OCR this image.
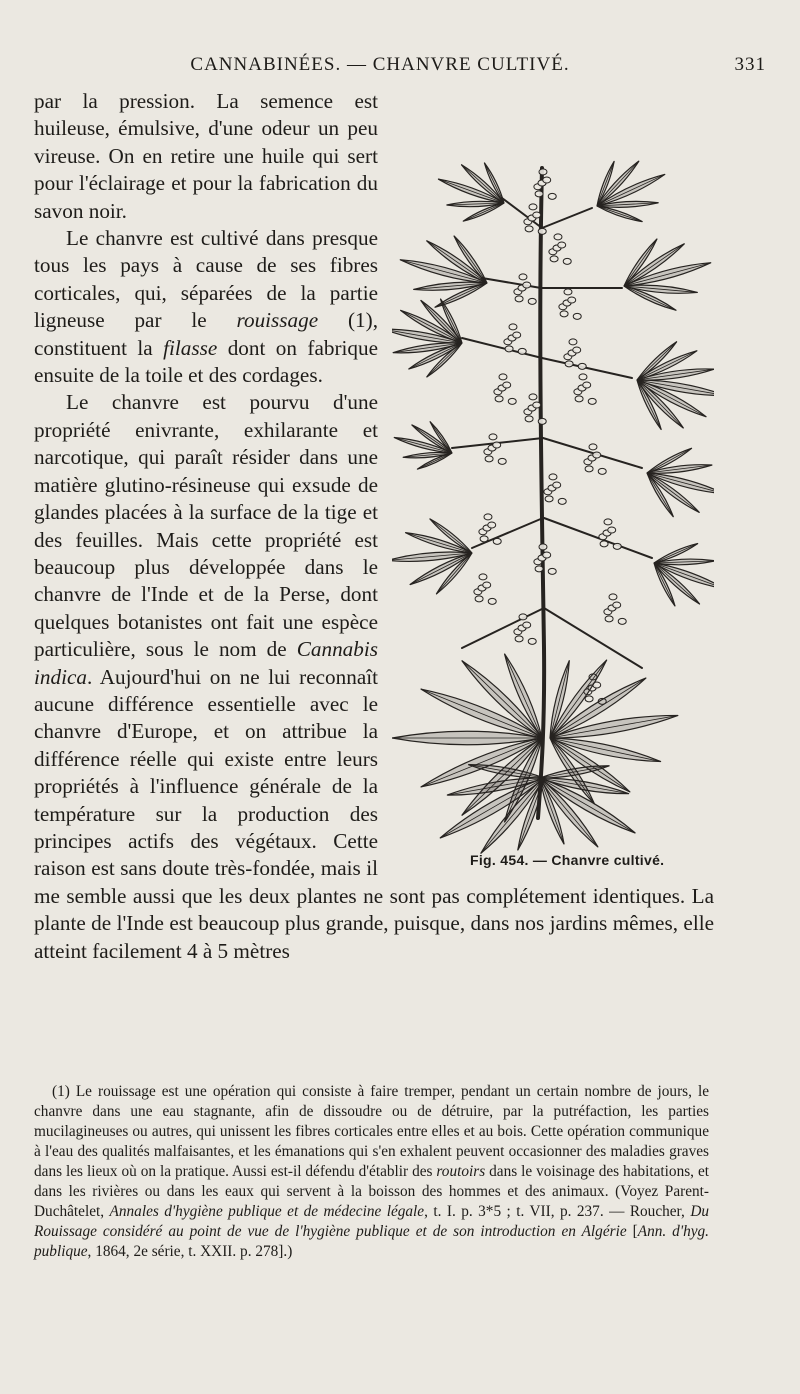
CANNABINÉES. — CHANVRE CULTIVÉ.	331

par la pression. La semence est huileuse, émulsive, d'une odeur un peu vireuse. On en retire une huile qui sert pour l'éclairage et pour la fabrication du savon noir.

Le chanvre est cultivé dans presque tous les pays à cause de ses fibres corticales, qui, séparées de la partie ligneuse par le rouissage (1), constituent la filasse dont on fabrique ensuite de la toile et des cordages.

Le chanvre est pourvu d'une propriété enivrante, exhilarante et narcotique, qui paraît résider dans une matière glutino-résineuse qui exsude de glandes placées à la surface de la tige et des feuilles. Mais cette propriété est beaucoup plus développée dans le chanvre de l'Inde et de la Perse, dont quelques botanistes ont fait une espèce particulière, sous le nom de Cannabis indica. Aujourd'hui on ne lui reconnaît aucune différence essentielle avec le chanvre d'Europe, et on attribue la différence réelle qui existe entre leurs propriétés à l'influence générale de la température sur la production des principes actifs des végétaux. Cette raison est sans doute très-fondée, mais il me semble aussi que les deux plantes ne sont pas complétement identiques. La plante de l'Inde est beaucoup plus grande, puisque, dans nos jardins mêmes, elle atteint facilement 4 à 5 mètres

Fig. 454. — Chanvre cultivé.

(1) Le rouissage est une opération qui consiste à faire tremper, pendant un certain nombre de jours, le chanvre dans une eau stagnante, afin de dissoudre ou de détruire, par la putréfaction, les parties mucilagineuses ou autres, qui unissent les fibres corticales entre elles et au bois. Cette opération communique à l'eau des qualités malfaisantes, et les émanations qui s'en exhalent peuvent occasionner des maladies graves dans les lieux où on la pratique. Aussi est-il défendu d'établir des routoirs dans le voisinage des habitations, et dans les rivières ou dans les eaux qui servent à la boisson des hommes et des animaux. (Voyez Parent-Duchâtelet, Annales d'hygiène publique et de médecine légale, t. I. p. 3*5 ; t. VII, p. 237. — Roucher, Du Rouissage considéré au point de vue de l'hygiène publique et de son introduction en Algérie [Ann. d'hyg. publique, 1864, 2e série, t. XXII. p. 278].)
